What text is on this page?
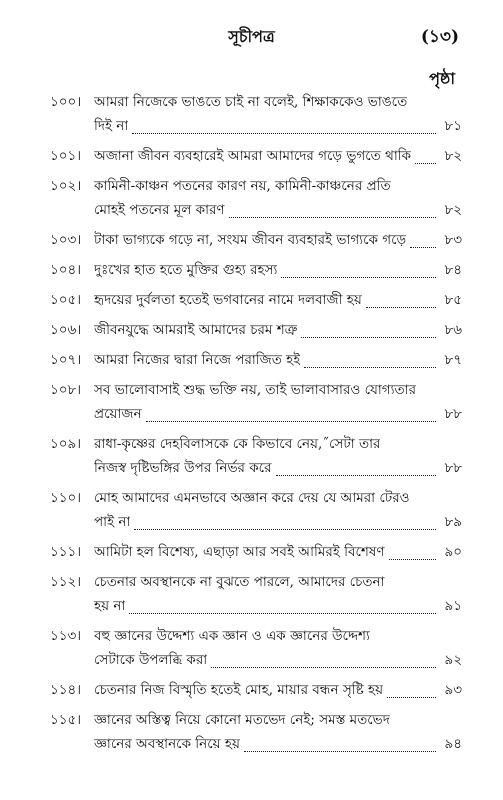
সূচীপত্র	(১৩)
পৃষ্ঠা
১০০। আমরা নিজেকে ভাঙতে চাই না বলেই, শিক্ষাককেও ভাঙতে
দিই না	৮১
১০১। অজানা জীবন ব্যবহারেই আমরা আমাদের গড়ে ভুগতে থাকি	৮২
১০২। কামিনী-কাঞ্চন পতনের কারণ নয়, কামিনী-কাঞ্চনের প্রতি
মোহই পতনের মূল কারণ	৮২
১০৩। টাকা ভাগ্যকে গড়ে না, সংযম জীবন ব্যবহারই ভাগ্যকে গড়ে	৮৩
১০৪। দুঃখের হাত হতে মুক্তির গুহ্য রহস্য	৮৪
১০৫। হৃদয়ের দুর্বলতা হতেই ভগবানের নামে দলবাজী হয়	৮৫
১০৬। জীবনযুদ্ধে আমরাই আমাদের চরম শত্রু	৮৬
১০৭। আমরা নিজের দ্বারা নিজে পরাজিত হই	৮৭
১০৮। সব ভালোবাসাই শুদ্ধ ভক্তি নয়, তাই ভালাবাসারও যোগ্যতার
প্রয়োজন	৮৮
১০৯। রাধা-কৃষ্ণের দেহবিলাসকে কে কিভাবে নেয়,˝সেটা তার
নিজস্ব দৃষ্টিভঙ্গির উপর নির্ভর করে	৮৮
১১০। মোহ আমাদের এমনভাবে অজ্ঞান করে দেয় যে আমরা টেরও
পাই না	৮৯
১১১। আমিটা হল বিশেষ্য, এছাড়া আর সবই আমিরই বিশেষণ	৯০
১১২। চেতনার অবস্থানকে না বুঝতে পারলে, আমাদের চেতনা
হয় না	৯১
১১৩। বহু জ্ঞানের উদ্দেশ্য এক জ্ঞান ও এক জ্ঞানের উদ্দেশ্য
সেটাকে উপলব্ধি করা	৯২
১১৪। চেতনার নিজ বিস্মৃতি হতেই মোহ, মায়ার বন্ধন সৃষ্টি হয়	৯৩
১১৫। জ্ঞানের অস্তিত্ব নিয়ে কোনো মতভেদ নেই; সমস্ত মতভেদ
জ্ঞানের অবস্থানকে নিয়ে হয়	৯৪
